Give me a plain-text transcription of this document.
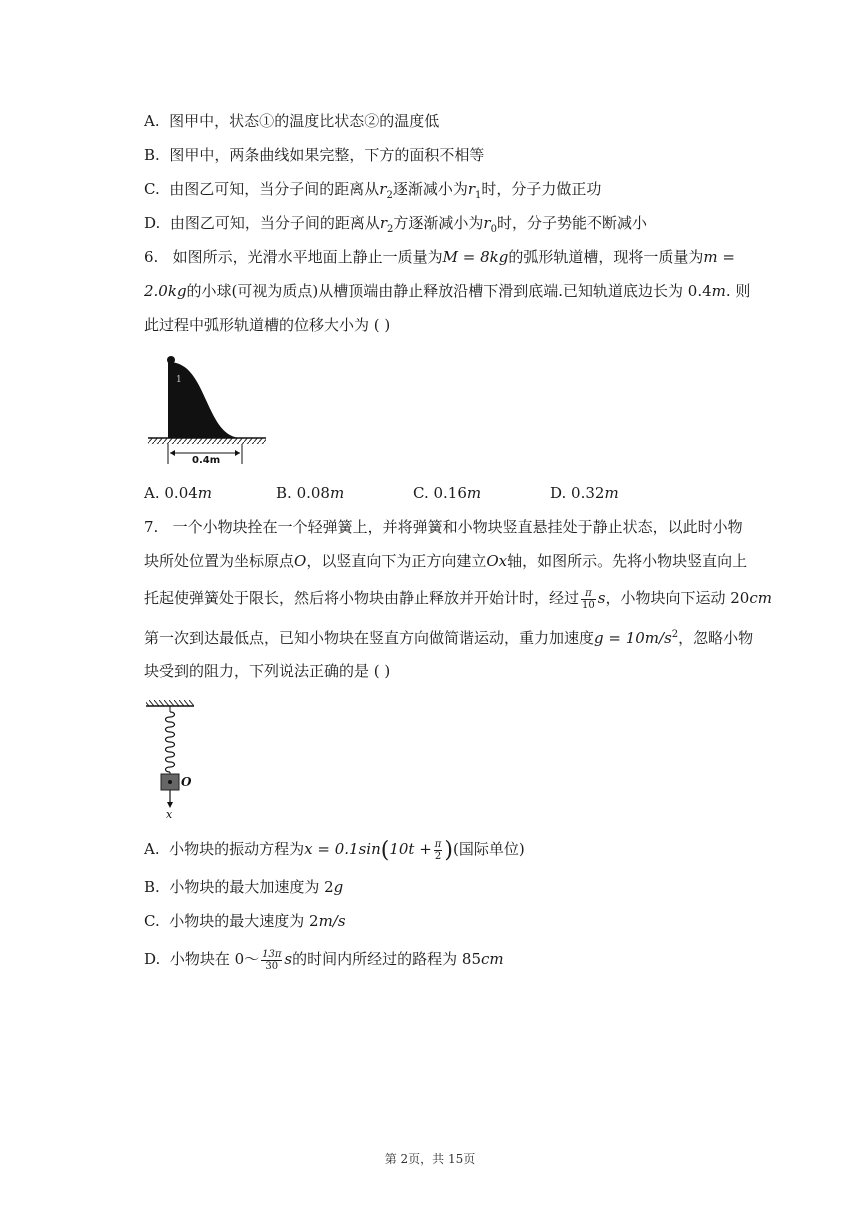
A. 图甲中，状态①的温度比状态②的温度低
B. 图甲中，两条曲线如果完整，下方的面积不相等
C. 由图乙可知，当分子间的距离从$r_2$逐渐减小为$r_1$时，分子力做正功
D. 由图乙可知，当分子间的距离从$r_2$方逐渐减小为$r_0$时，分子势能不断减小
6. 如图所示，光滑水平地面上静止一质量为M = 8kg的弧形轨道槽，现将一质量为m =
2.0kg的小球(可视为质点)从槽顶端由静止释放沿槽下滑到底端.已知轨道底边长为 0.4m. 则
此过程中弧形轨道槽的位移大小为 ( )
1
0.4m
A. 0.04m	B. 0.08m	C. 0.16m	D. 0.32m
7. 一个小物块拴在一个轻弹簧上，并将弹簧和小物块竖直悬挂处于静止状态，以此时小物
块所处位置为坐标原点O，以竖直向下为正方向建立Ox轴，如图所示。先将小物块竖直向上
托起使弹簧处于限长，然后将小物块由静止释放并开始计时，经过 $\frac{\pi}{10}$ s，小物块向下运动 20cm
第一次到达最低点，已知小物块在竖直方向做简谐运动，重力加速度$g = 10m/s^2$，忽略小物
块受到的阻力，下列说法正确的是 ( )
O
x
A. 小物块的振动方程为$x = 0.1\sin(10t + \frac{\pi}{2}$ )(国际单位)
B. 小物块的最大加速度为 2g
C. 小物块的最大速度为 2m/s
D. 小物块在 0～ $\frac{13\pi}{30}$ s的时间内所经过的路程为 85cm
第 2页，共 15页
